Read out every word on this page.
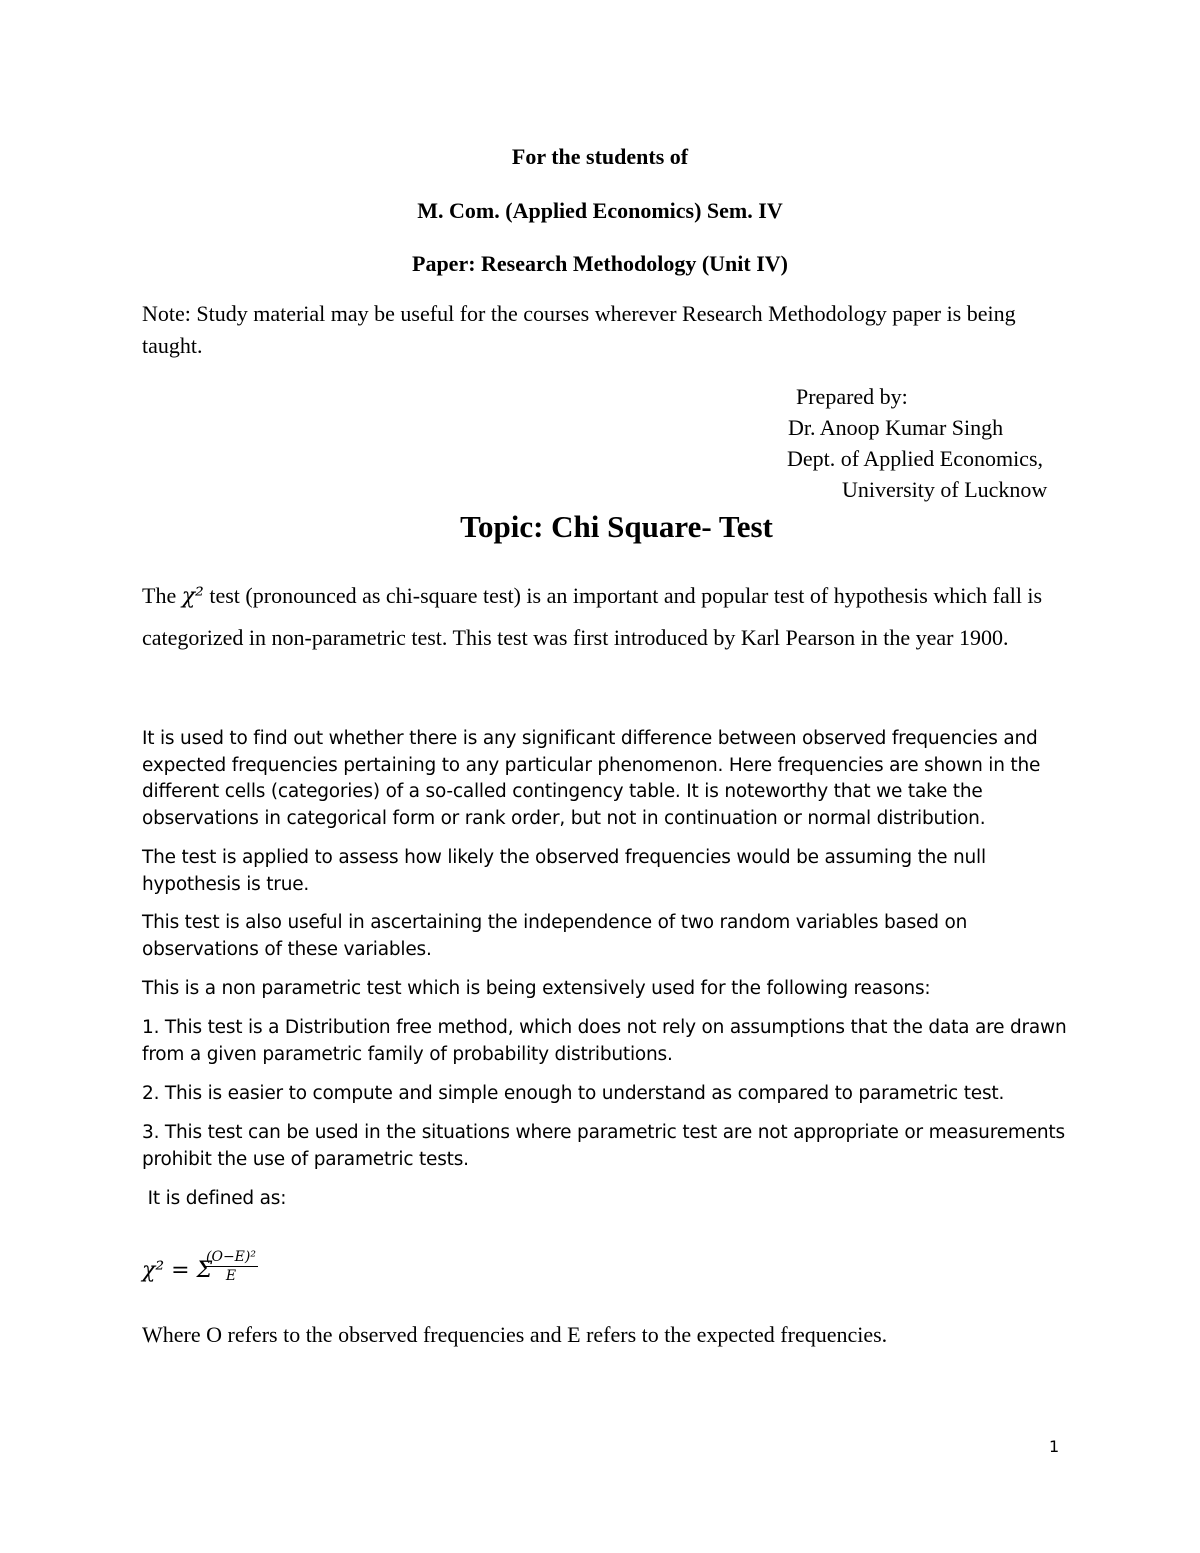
For the students of

M. Com. (Applied Economics) Sem. IV

Paper: Research Methodology (Unit IV)

Note: Study material may be useful for the courses wherever Research Methodology paper is being taught.

Prepared by:

Dr. Anoop Kumar Singh

Dept. of Applied Economics,

University of Lucknow

Topic: Chi Square- Test

The χ² test (pronounced as chi-square test) is an important and popular test of hypothesis which fall is categorized in non-parametric test. This test was first introduced by Karl Pearson in the year 1900.

It is used to find out whether there is any significant difference between observed frequencies and expected frequencies pertaining to any particular phenomenon. Here frequencies are shown in the different cells (categories) of a so-called contingency table. It is noteworthy that we take the observations in categorical form or rank order, but not in continuation or normal distribution.

The test is applied to assess how likely the observed frequencies would be assuming the null hypothesis is true.

This test is also useful in ascertaining the independence of two random variables based on observations of these variables.

This is a non parametric test which is being extensively used for the following reasons:

1. This test is a Distribution free method, which does not rely on assumptions that the data are drawn from a given parametric family of probability distributions.

2. This is easier to compute and simple enough to understand as compared to parametric test.

3. This test can be used in the situations where parametric test are not appropriate or measurements prohibit the use of parametric tests.

It is defined as:

χ² = Σ
$\frac{\text{(O−E)²}}{E}$

Where O refers to the observed frequencies and E refers to the expected frequencies.

1
